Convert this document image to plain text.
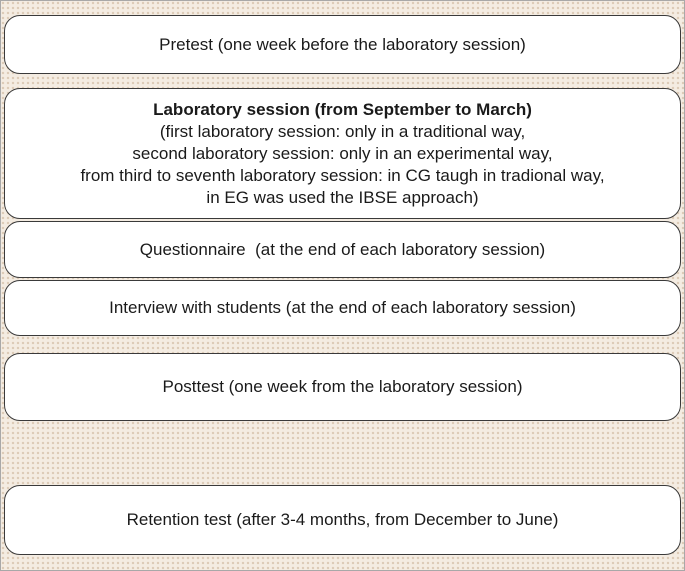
Pretest (one week before the laboratory session)
Laboratory session (from September to March)
(first laboratory session: only in a traditional way,
second laboratory session: only in an experimental way,
from third to seventh laboratory session: in CG taugh in tradional way,
in EG was used the IBSE approach)
Questionnaire  (at the end of each laboratory session)
Interview with students (at the end of each laboratory session)
Posttest (one week from the laboratory session)
Retention test (after 3-4 months, from December to June)
